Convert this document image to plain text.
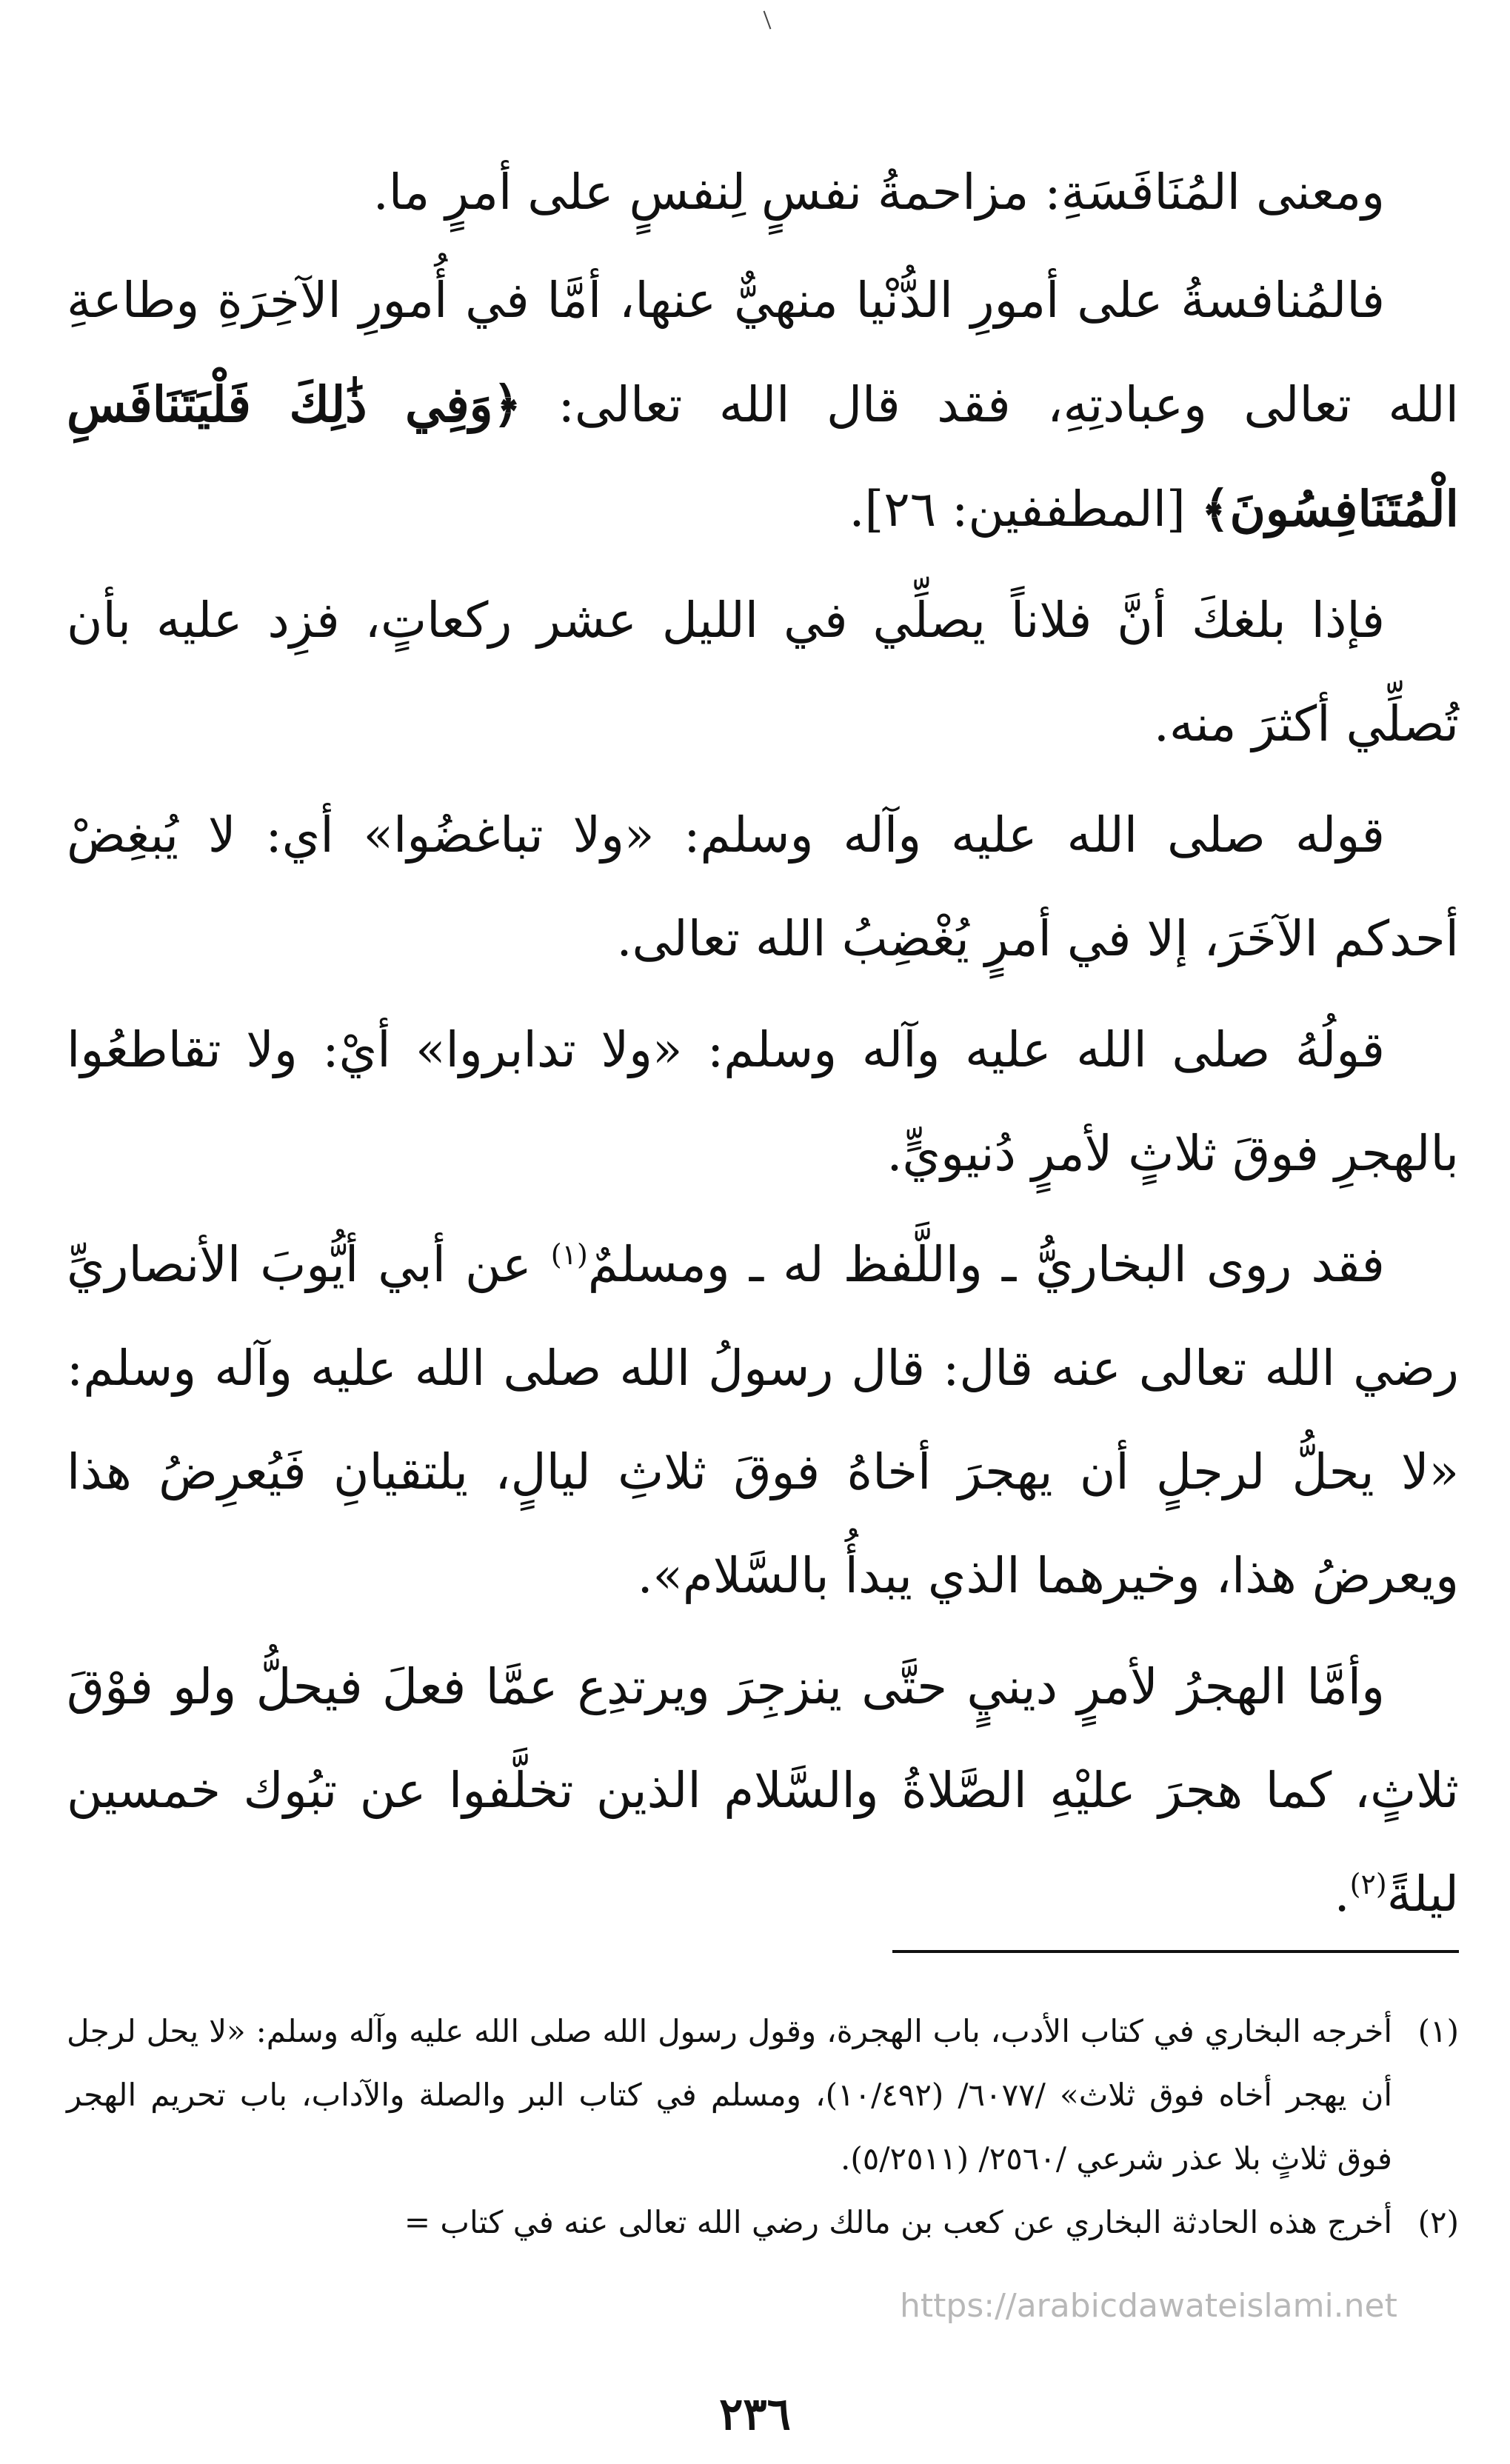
ومعنى المُنَافَسَةِ: مزاحمةُ نفسٍ لِنفسٍ على أمرٍ ما.

فالمُنافسةُ على أمورِ الدُّنْيا منهيٌّ عنها، أمَّا في أُمورِ الآخِرَةِ وطاعةِ الله تعالى وعبادتِهِ، فقد قال الله تعالى: ﴿وَفِي ذَٰلِكَ فَلْيَتَنَافَسِ الْمُتَنَافِسُونَ﴾ [المطففين: ٢٦].

فإذا بلغكَ أنَّ فلاناً يصلِّي في الليل عشر ركعاتٍ، فزِد عليه بأن تُصلِّي أكثرَ منه.

قوله صلى الله عليه وآله وسلم: «ولا تباغضُوا» أي: لا يُبغِضْ أحدكم الآخَرَ، إلا في أمرٍ يُغْضِبُ الله تعالى.

قولُهُ صلى الله عليه وآله وسلم: «ولا تدابروا» أيْ: ولا تقاطعُوا بالهجرِ فوقَ ثلاثٍ لأمرٍ دُنيويٍّ.

فقد روى البخاريُّ ـ واللَّفظ له ـ ومسلمٌ$^{(١)}$ عن أبي أيُّوبَ الأنصاريِّ رضي الله تعالى عنه قال: قال رسولُ الله صلى الله عليه وآله وسلم: «لا يحلُّ لرجلٍ أن يهجرَ أخاهُ فوقَ ثلاثِ ليالٍ، يلتقيانِ فَيُعرِضُ هذا ويعرضُ هذا، وخيرهما الذي يبدأُ بالسَّلام».

وأمَّا الهجرُ لأمرٍ دينيٍ حتَّى ينزجِرَ ويرتدِع عمَّا فعلَ فيحلُّ ولو فوْقَ ثلاثٍ، كما هجرَ عليْهِ الصَّلاةُ والسَّلام الذين تخلَّفوا عن تبُوك خمسين ليلةً$^{(٢)}$.

(١)
أخرجه البخاري في كتاب الأدب، باب الهجرة، وقول رسول الله صلى الله عليه وآله وسلم: «لا يحل لرجل أن يهجر أخاه فوق ثلاث» /٦٠٧٧/ (١٠/٤٩٢)، ومسلم في كتاب البر والصلة والآداب، باب تحريم الهجر فوق ثلاثٍ بلا عذر شرعي /٢٥٦٠/ (٥/٢٥١١).
(٢)
أخرج هذه الحادثة البخاري عن كعب بن مالك رضي الله تعالى عنه في كتاب =
https://arabicdawateislami.net
٢٣٦
